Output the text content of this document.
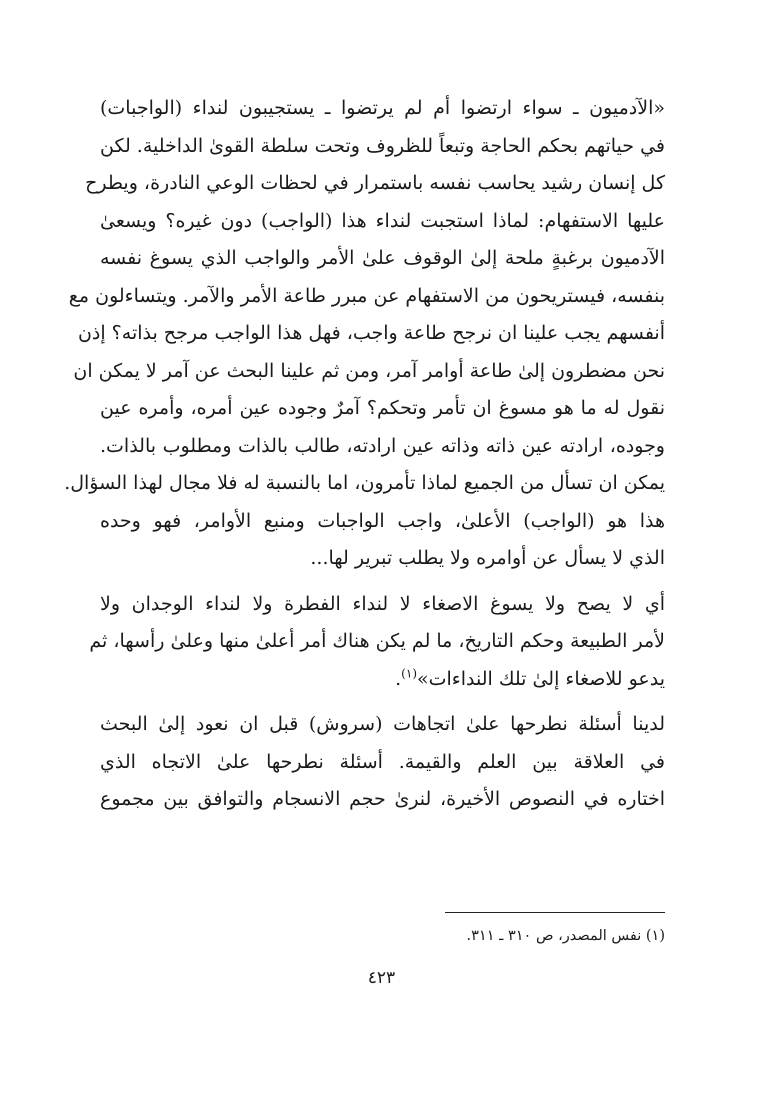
«الآدميون ـ سواء ارتضوا أم لم يرتضوا ـ يستجيبون لنداء (الواجبات)
في حياتهم بحكم الحاجة وتبعاً للظروف وتحت سلطة القوىٰ الداخلية. لكن
كل إنسان رشيد يحاسب نفسه باستمرار في لحظات الوعي النادرة، ويطرح
عليها الاستفهام: لماذا استجبت لنداء هذا (الواجب) دون غيره؟ ويسعىٰ
الآدميون برغبةٍ ملحة إلىٰ الوقوف علىٰ الأمر والواجب الذي يسوغ نفسه
بنفسه، فيستريحون من الاستفهام عن مبرر طاعة الأمر والآمر. ويتساءلون مع
أنفسهم يجب علينا ان نرجح طاعة واجب، فهل هذا الواجب مرجح بذاته؟ إذن
نحن مضطرون إلىٰ طاعة أوامر آمر، ومن ثم علينا البحث عن آمر لا يمكن ان
نقول له ما هو مسوغ ان تأمر وتحكم؟ آمرٌ وجوده عين أمره، وأمره عين
وجوده، ارادته عين ذاته وذاته عين ارادته، طالب بالذات ومطلوب بالذات.
يمكن ان تسأل من الجميع لماذا تأمرون، اما بالنسبة له فلا مجال لهذا السؤال.
هذا هو (الواجب) الأعلىٰ، واجب الواجبات ومنبع الأوامر، فهو وحده
الذي لا يسأل عن أوامره ولا يطلب تبرير لها...
أي لا يصح ولا يسوغ الاصغاء لا لنداء الفطرة ولا لنداء الوجدان ولا
لأمر الطبيعة وحكم التاريخ، ما لم يكن هناك أمر أعلىٰ منها وعلىٰ رأسها، ثم
يدعو للاصغاء إلىٰ تلك النداءات»$^{(١)}$.
لدينا أسئلة نطرحها علىٰ اتجاهات (سروش) قبل ان نعود إلىٰ البحث
في العلاقة بين العلم والقيمة. أسئلة نطرحها علىٰ الاتجاه الذي
اختاره في النصوص الأخيرة، لنرىٰ حجم الانسجام والتوافق بين مجموع
(١) نفس المصدر، ص ٣١٠ ـ ٣١١.
٤٢٣
